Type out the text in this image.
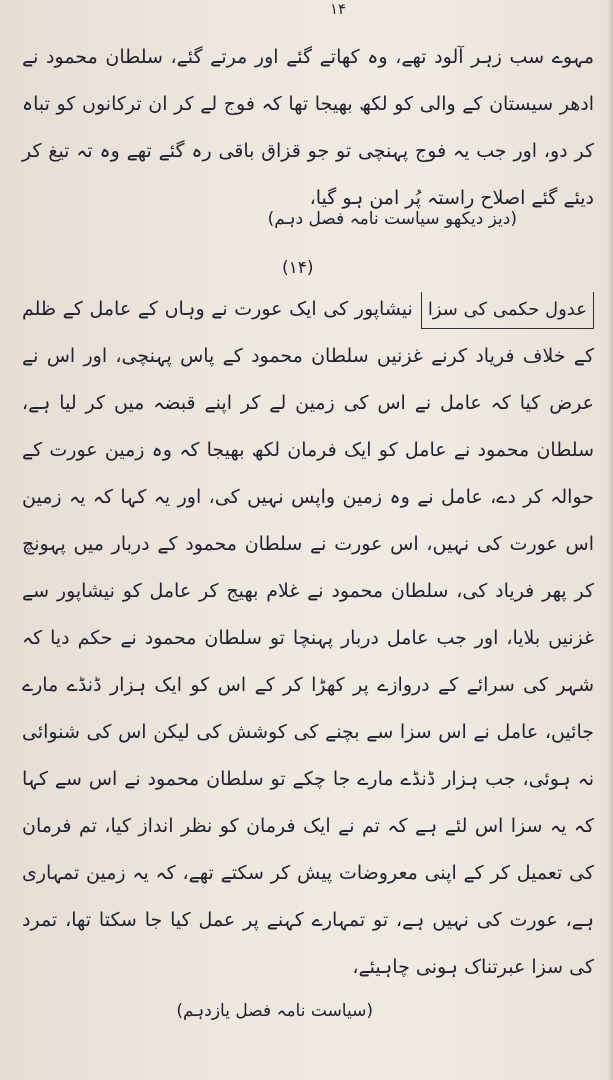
۱۴
مہوے سب زہر آلود تھے، وہ کھاتے گئے اور مرتے گئے، سلطان محمود نے ادھر سیستان کے والی کو لکھ بھیجا تھا کہ فوج لے کر ان ترکانوں کو تباہ کر دو، اور جب یہ فوج پہنچی تو جو قزاق باقی رہ گئے تھے وہ تہ تیغ کر دیئے گئے اصلاح راستہ پُر امن ہو گیا،
(دیز دیکھو سیاست نامہ فصل دہم)
(۱۴)
عدول حکمی کی سزا
نیشاپور کی ایک عورت نے وہاں کے عامل کے ظلم کے خلاف فریاد کرنے غزنیں سلطان محمود کے پاس پہنچی، اور اس نے عرض کیا کہ عامل نے اس کی زمین لے کر اپنے قبضہ میں کر لیا ہے، سلطان محمود نے عامل کو ایک فرمان لکھ بھیجا کہ وہ زمین عورت کے حوالہ کر دے، عامل نے وہ زمین واپس نہیں کی، اور یہ کہا کہ یہ زمین اس عورت کی نہیں، اس عورت نے سلطان محمود کے دربار میں پہونچ کر پھر فریاد کی، سلطان محمود نے غلام بھیج کر عامل کو نیشاپور سے غزنیں بلایا، اور جب عامل دربار پہنچا تو سلطان محمود نے حکم دیا کہ شہر کی سرائے کے دروازے پر کھڑا کر کے اس کو ایک ہزار ڈنڈے مارے جائیں، عامل نے اس سزا سے بچنے کی کوشش کی لیکن اس کی شنوائی نہ ہوئی، جب ہزار ڈنڈے مارے جا چکے تو سلطان محمود نے اس سے کہا کہ یہ سزا اس لئے ہے کہ تم نے ایک فرمان کو نظر انداز کیا، تم فرمان کی تعمیل کر کے اپنی معروضات پیش کر سکتے تھے، کہ یہ زمین تمہاری ہے، عورت کی نہیں ہے، تو تمہارے کہنے پر عمل کیا جا سکتا تھا، تمرد کی سزا عبرتناک ہونی چاہیئے،
(سیاست نامہ فصل یازدہم)
